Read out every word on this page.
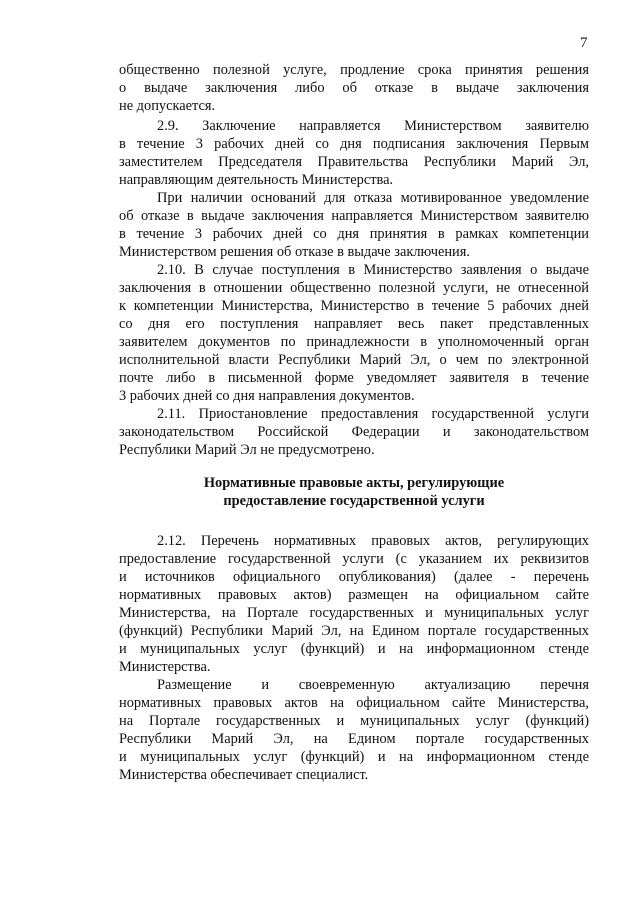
7
общественно полезной услуге, продление срока принятия решения
о выдаче заключения либо об отказе в выдаче заключения
не допускается.
2.9. Заключение направляется Министерством заявителю
в течение 3 рабочих дней со дня подписания заключения Первым
заместителем Председателя Правительства Республики Марий Эл,
направляющим деятельность Министерства.
При наличии оснований для отказа мотивированное уведомление
об отказе в выдаче заключения направляется Министерством заявителю
в течение 3 рабочих дней со дня принятия в рамках компетенции
Министерством решения об отказе в выдаче заключения.
2.10. В случае поступления в Министерство заявления о выдаче
заключения в отношении общественно полезной услуги, не отнесенной
к компетенции Министерства, Министерство в течение 5 рабочих дней
со дня его поступления направляет весь пакет представленных
заявителем документов по принадлежности в уполномоченный орган
исполнительной власти Республики Марий Эл, о чем по электронной
почте либо в письменной форме уведомляет заявителя в течение
3 рабочих дней со дня направления документов.
2.11. Приостановление предоставления государственной услуги
законодательством Российской Федерации и законодательством
Республики Марий Эл не предусмотрено.
Нормативные правовые акты, регулирующие
предоставление государственной услуги
2.12. Перечень нормативных правовых актов, регулирующих
предоставление государственной услуги (с указанием их реквизитов
и источников официального опубликования) (далее - перечень
нормативных правовых актов) размещен на официальном сайте
Министерства, на Портале государственных и муниципальных услуг
(функций) Республики Марий Эл, на Едином портале государственных
и муниципальных услуг (функций) и на информационном стенде
Министерства.
Размещение и своевременную актуализацию перечня
нормативных правовых актов на официальном сайте Министерства,
на Портале государственных и муниципальных услуг (функций)
Республики Марий Эл, на Едином портале государственных
и муниципальных услуг (функций) и на информационном стенде
Министерства обеспечивает специалист.
